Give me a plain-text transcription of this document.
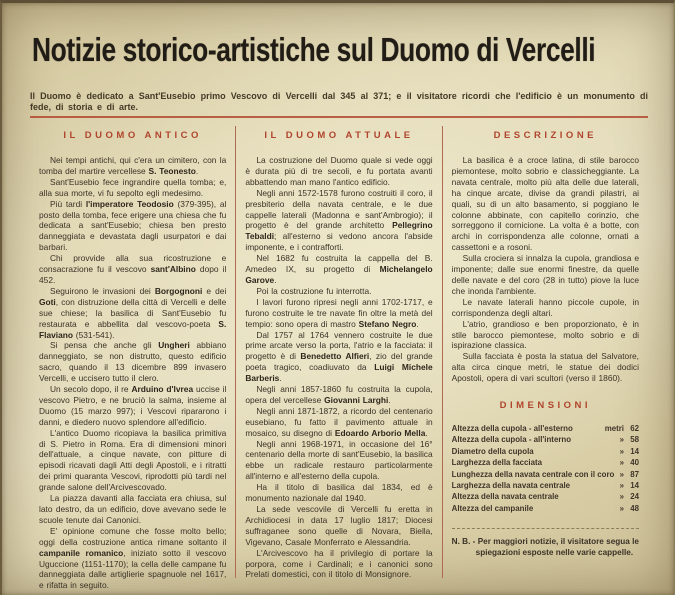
Notizie storico-artistiche sul Duomo di Vercelli
Il Duomo è dedicato a Sant'Eusebio primo Vescovo di Vercelli dal 345 al 371; e il visitatore ricordi che l'edificio è un monumento di fede, di storia e di arte.
IL DUOMO ANTICO

Nei tempi antichi, qui c'era un cimitero, con la tomba del martire vercellese S. Teonesto.

Sant'Eusebio fece ingrandire quella tomba; e, alla sua morte, vi fu sepolto egli medesimo.

Più tardi l'imperatore Teodosio (379-395), al posto della tomba, fece erigere una chiesa che fu dedicata a sant'Eusebio; chiesa ben presto danneggiata e devastata dagli usurpatori e dai barbari.

Chi provvide alla sua ricostruzione e consacrazione fu il vescovo sant'Albino dopo il 452.

Seguirono le invasioni dei Borgognoni e dei Goti, con distruzione della città di Vercelli e delle sue chiese; la basilica di Sant'Eusebio fu restaurata e abbellita dal vescovo-poeta S. Flaviano (531-541).

Si pensa che anche gli Ungheri abbiano danneggiato, se non distrutto, questo edificio sacro, quando il 13 dicembre 899 invasero Vercelli, e uccisero tutto il clero.

Un secolo dopo, il re Arduino d'Ivrea uccise il vescovo Pietro, e ne bruciò la salma, insieme al Duomo (15 marzo 997); i Vescovi ripararono i danni, e diedero nuovo splendore all'edificio.

L'antico Duomo ricopiava la basilica primitiva di S. Pietro in Roma. Era di dimensioni minori dell'attuale, a cinque navate, con pitture di episodi ricavati dagli Atti degli Apostoli, e i ritratti dei primi quaranta Vescovi, riprodotti più tardi nel grande salone dell'Arcivescovado.

La piazza davanti alla facciata era chiusa, sul lato destro, da un edificio, dove avevano sede le scuole tenute dai Canonici.

E' opinione comune che fosse molto bello; oggi della costruzione antica rimane soltanto il campanile romanico, iniziato sotto il vescovo Uguccione (1151-1170); la cella delle campane fu danneggiata dalle artiglierie spagnuole nel 1617, e rifatta in seguito.

IL DUOMO ATTUALE

La costruzione del Duomo quale si vede oggi è durata più di tre secoli, e fu portata avanti abbattendo man mano l'antico edificio.

Negli anni 1572-1578 furono costruiti il coro, il presbiterio della navata centrale, e le due cappelle laterali (Madonna e sant'Ambrogio); il progetto è del grande architetto Pellegrino Tebaldi; all'esterno si vedono ancora l'abside imponente, e i contrafforti.

Nel 1682 fu costruita la cappella del B. Amedeo IX, su progetto di Michelangelo Garove.

Poi la costruzione fu interrotta.

I lavori furono ripresi negli anni 1702-1717, e furono costruite le tre navate fin oltre la metà del tempio: sono opera di mastro Stefano Negro.

Dal 1757 al 1764 vennero costruite le due prime arcate verso la porta, l'atrio e la facciata: il progetto è di Benedetto Alfieri, zio del grande poeta tragico, coadiuvato da Luigi Michele Barberis.

Negli anni 1857-1860 fu costruita la cupola, opera del vercellese Giovanni Larghi.

Negli anni 1871-1872, a ricordo del centenario eusebiano, fu fatto il pavimento attuale in mosaico, su disegno di Edoardo Arborio Mella.

Negli anni 1968-1971, in occasione del 16° centenario della morte di sant'Eusebio, la basilica ebbe un radicale restauro particolarmente all'interno e all'esterno della cupola.

Ha il titolo di basilica dal 1834, ed è monumento nazionale dal 1940.

La sede vescovile di Vercelli fu eretta in Archidiocesi in data 17 luglio 1817; Diocesi suffraganee sono quelle di Novara, Biella, Vigevano, Casale Monferrato e Alessandria.

L'Arcivescovo ha il privilegio di portare la porpora, come i Cardinali; e i canonici sono Prelati domestici, con il titolo di Monsignore.

DESCRIZIONE

La basilica è a croce latina, di stile barocco piemontese, molto sobrio e classicheggiante. La navata centrale, molto più alta delle due laterali, ha cinque arcate, divise da grandi pilastri, ai quali, su di un alto basamento, si poggiano le colonne abbinate, con capitello corinzio, che sorreggono il cornicione. La volta è a botte, con archi in corrispondenza alle colonne, ornati a cassettoni e a rosoni.

Sulla crociera si innalza la cupola, grandiosa e imponente; dalle sue enormi finestre, da quelle delle navate e del coro (28 in tutto) piove la luce che inonda l'ambiente.

Le navate laterali hanno piccole cupole, in corrispondenza degli altari.

L'atrio, grandioso e ben proporzionato, è in stile barocco piemontese, molto sobrio e di ispirazione classica.

Sulla facciata è posta la statua del Salvatore, alta circa cinque metri, le statue dei dodici Apostoli, opera di vari scultori (verso il 1860).

DIMENSIONI
Altezza della cupola - all'esterno	metri 62
Altezza della cupola - all'interno	» 58
Diametro della cupola	» 14
Larghezza della facciata	» 40
Lunghezza della navata centrale con il coro » 87
Larghezza della navata centrale	» 14
Altezza della navata centrale	» 24
Altezza del campanile	» 48
N. B. - Per maggiori notizie, il visitatore segua le spiegazioni esposte nelle varie cappelle.
